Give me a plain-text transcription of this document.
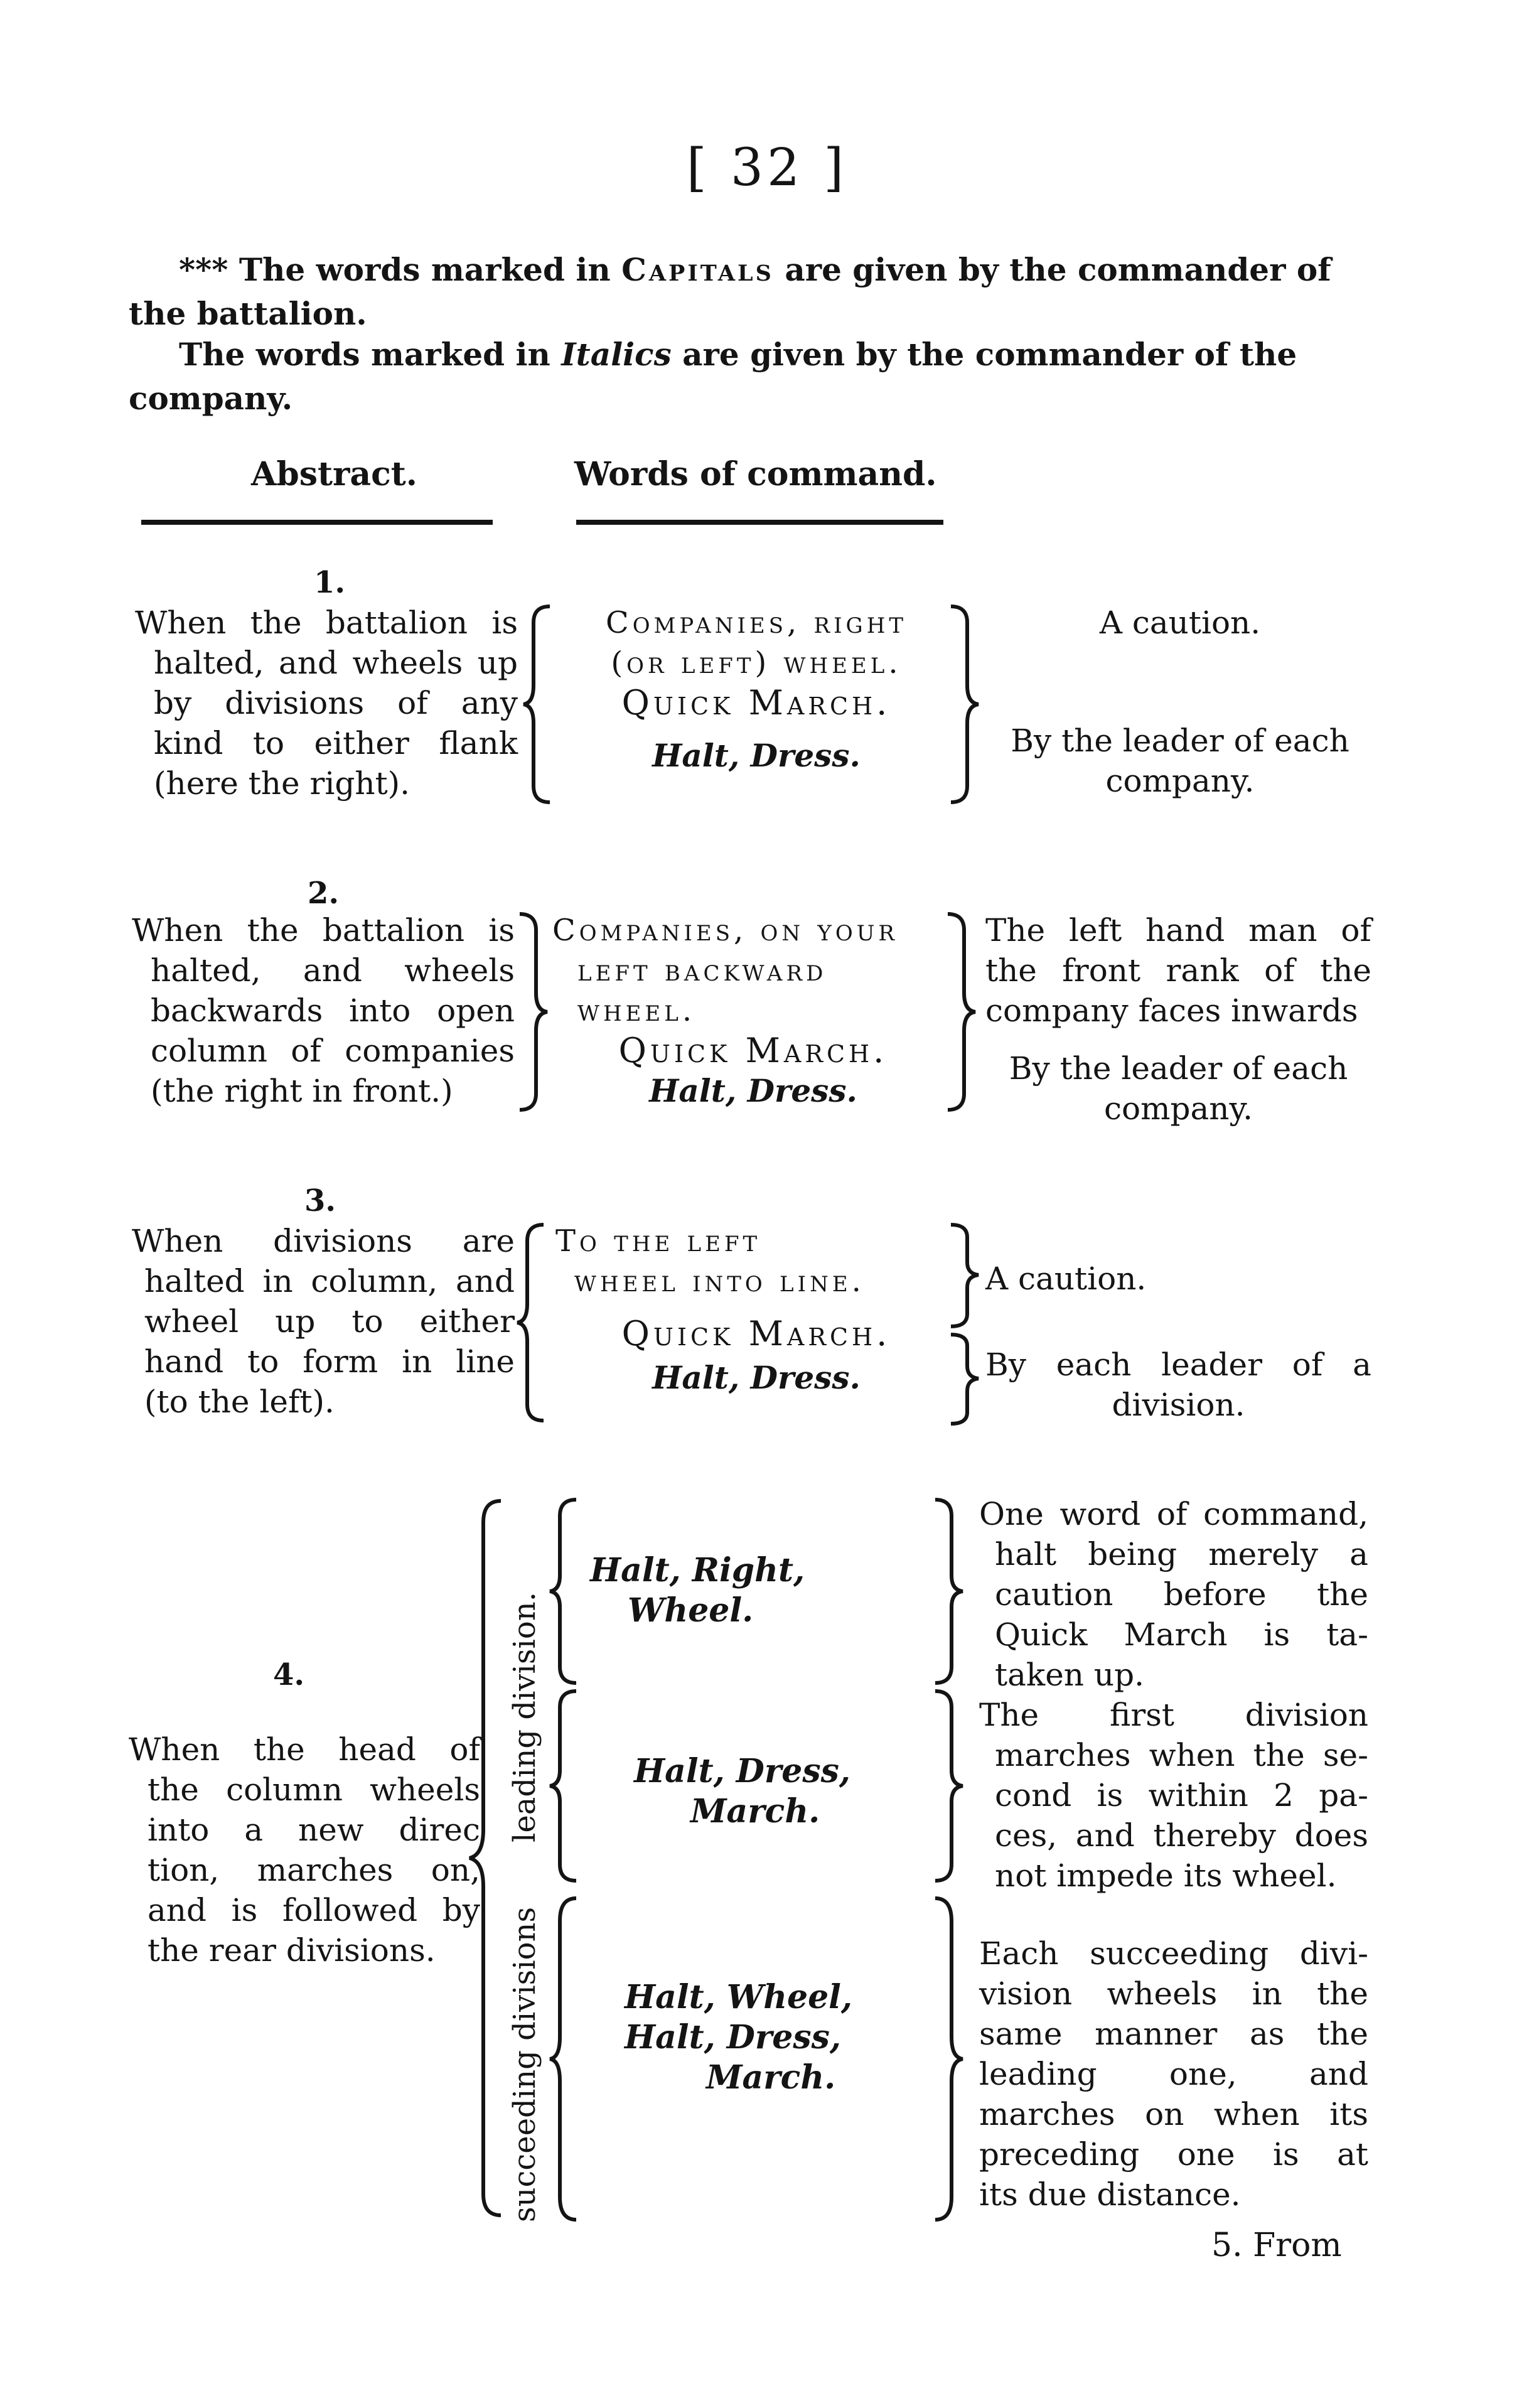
[ 32 ]
*** The words marked in Capitals are given by the commander of the battalion.
The words marked in Italics are given by the commander of the company.
Abstract.	Words of command.
1.
When the battalion is
halted, and wheels up
by divisions of any
kind to either flank
(here the right).
Companies, right
(or left) wheel.
Quick March.
Halt, Dress.
A caution.
By the leader of each
company.
2.
When the battalion is
halted, and wheels
backwards into open
column of companies
(the right in front.)
Companies, on your
left backward
wheel.
Quick March.
Halt, Dress.
The left hand man of
the front rank of the
company faces inwards
By the leader of each
company.
3.
When divisions are
halted in column, and
wheel up to either
hand to form in line
(to the left).
To the left
wheel into line.
Quick March.
Halt, Dress.
A caution.
By each leader of a
division.
4.
When the head of
the column wheels
into a new direc
tion, marches on,
and is followed by
the rear divisions.
leading division.
succeeding divisions
Halt, Right,
Wheel.
Halt, Dress,
March.
Halt, Wheel,
Halt, Dress,
March.
One word of command,
halt being merely a
caution before the
Quick March is ta-
taken up.
The first division
marches when the se-
cond is within 2 pa-
ces, and thereby does
not impede its wheel.
Each succeeding divi-
vision wheels in the
same manner as the
leading one, and
marches on when its
preceding one is at
its due distance.
5. From
